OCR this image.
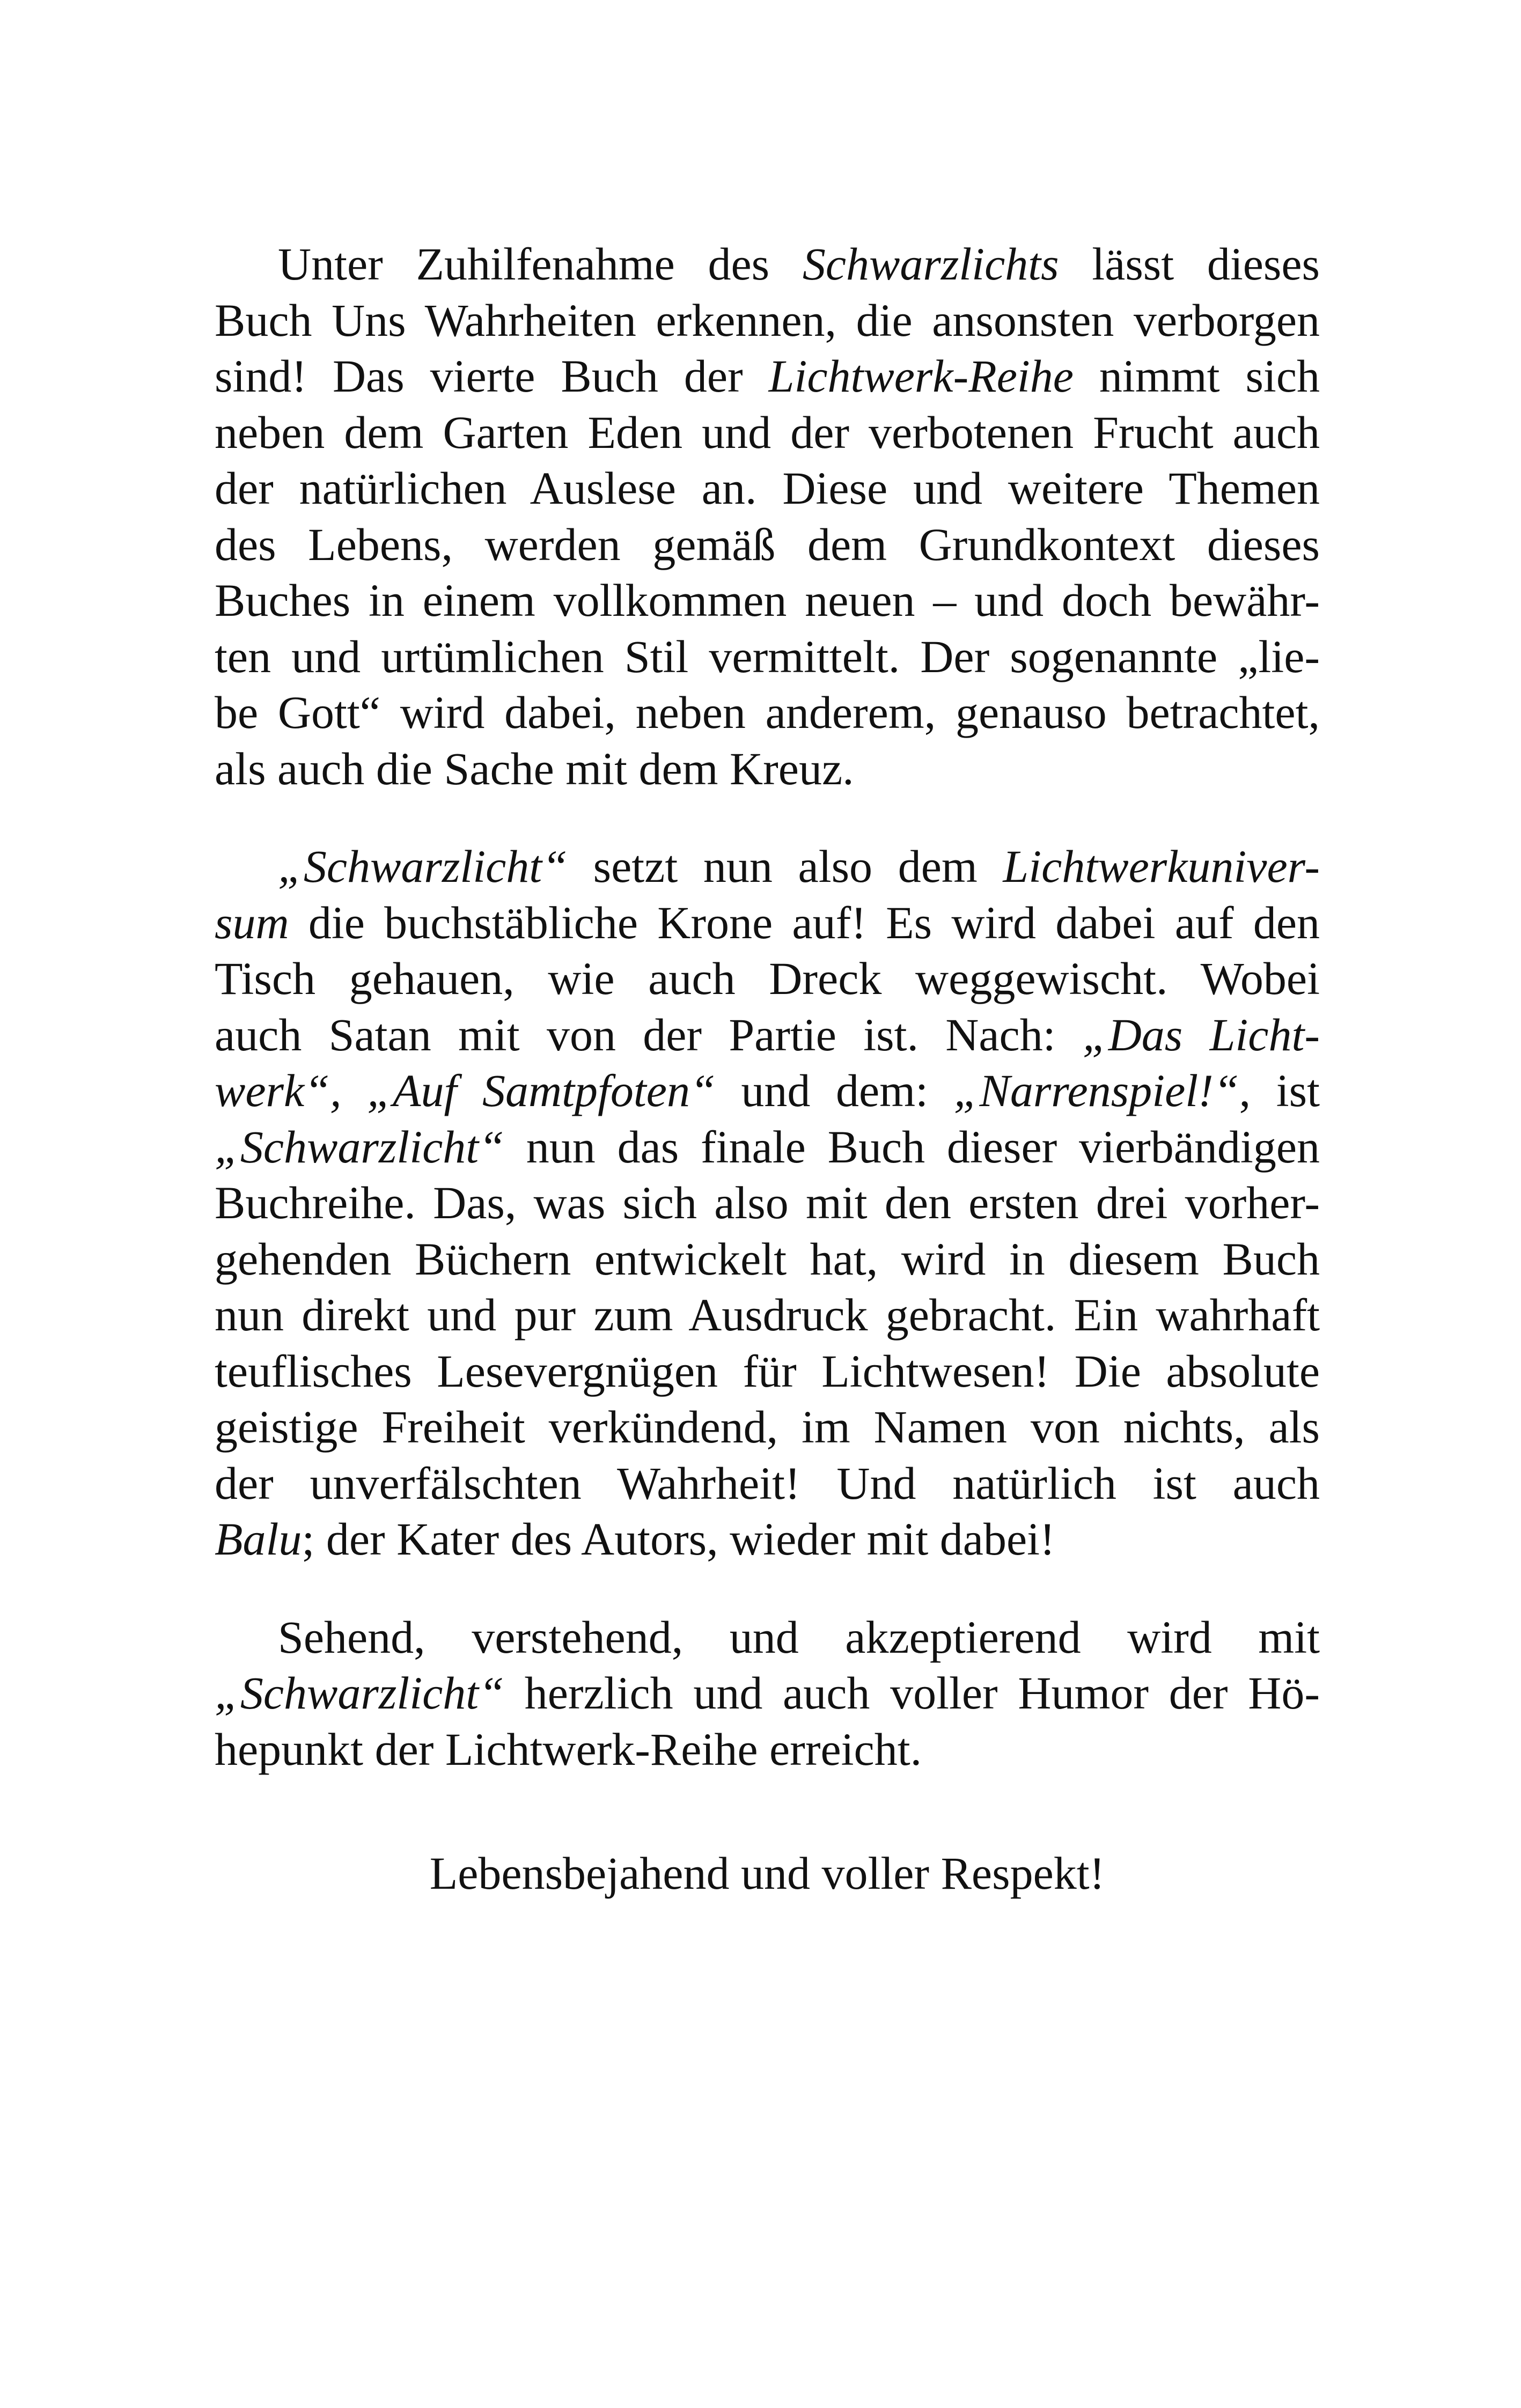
Unter Zuhilfenahme des Schwarzlichts lässt dieses
Buch Uns Wahrheiten erkennen, die ansonsten verborgen
sind! Das vierte Buch der Lichtwerk-Reihe nimmt sich
neben dem Garten Eden und der verbotenen Frucht auch
der natürlichen Auslese an. Diese und weitere Themen
des Lebens, werden gemäß dem Grundkontext dieses
Buches in einem vollkommen neuen – und doch bewähr-
ten und urtümlichen Stil vermittelt. Der sogenannte „lie-
be Gott“ wird dabei, neben anderem, genauso betrachtet,
als auch die Sache mit dem Kreuz.

„Schwarzlicht“ setzt nun also dem Lichtwerkuniver-
sum die buchstäbliche Krone auf! Es wird dabei auf den
Tisch gehauen, wie auch Dreck weggewischt. Wobei
auch Satan mit von der Partie ist. Nach: „Das Licht-
werk“, „Auf Samtpfoten“ und dem: „Narrenspiel!“, ist
„Schwarzlicht“ nun das finale Buch dieser vierbändigen
Buchreihe. Das, was sich also mit den ersten drei vorher-
gehenden Büchern entwickelt hat, wird in diesem Buch
nun direkt und pur zum Ausdruck gebracht. Ein wahrhaft
teuflisches Lesevergnügen für Lichtwesen! Die absolute
geistige Freiheit verkündend, im Namen von nichts, als
der unverfälschten Wahrheit! Und natürlich ist auch
Balu; der Kater des Autors, wieder mit dabei!

Sehend, verstehend, und akzeptierend wird mit
„Schwarzlicht“ herzlich und auch voller Humor der Hö-
hepunkt der Lichtwerk-Reihe erreicht.

Lebensbejahend und voller Respekt!
